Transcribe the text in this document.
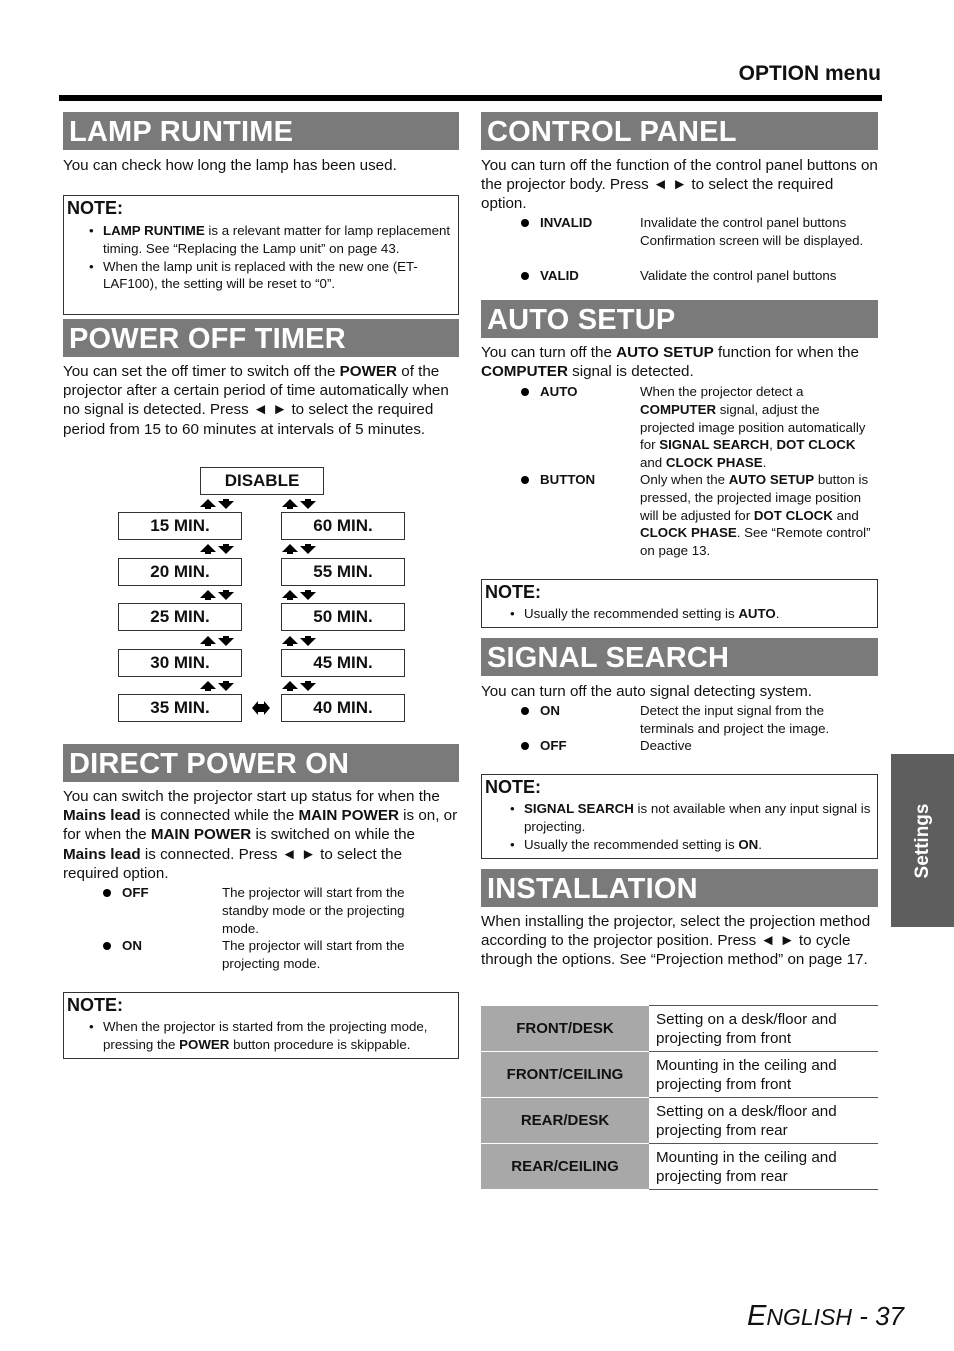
OPTION menu
LAMP RUNTIME
You can check how long the lamp has been used.
NOTE:
• LAMP RUNTIME is a relevant matter for lamp replacement timing. See “Replacing the Lamp unit” on page 43.
• When the lamp unit is replaced with the new one (ET-LAF100), the setting will be reset to “0”.
POWER OFF TIMER
You can set the off timer to switch off the POWER of the projector after a certain period of time automatically when no signal is detected. Press ◄ ► to select the required period from 15 to 60 minutes at intervals of 5 minutes.
DISABLE
DIRECT POWER ON
You can switch the projector start up status for when the Mains lead is connected while the MAIN POWER is on, or for when the MAIN POWER is switched on while the Mains lead is connected. Press ◄ ► to select the required option.
OFF	The projector will start from the standby mode or the projecting mode.
ON	The projector will start from the projecting mode.
NOTE:
• When the projector is started from the projecting mode, pressing the POWER button procedure is skippable.
CONTROL PANEL
You can turn off the function of the control panel buttons on the projector body. Press ◄ ► to select the required option.
INVALID	Invalidate the control panel buttons Confirmation screen will be displayed.
VALID	Validate the control panel buttons
AUTO SETUP
You can turn off the AUTO SETUP function for when the COMPUTER signal is detected.
AUTO	When the projector detect a COMPUTER signal, adjust the projected image position automatically for SIGNAL SEARCH, DOT CLOCK and CLOCK PHASE.
BUTTON	Only when the AUTO SETUP button is pressed, the projected image position will be adjusted for DOT CLOCK and CLOCK PHASE. See “Remote control” on page 13.
NOTE:
• Usually the recommended setting is AUTO.
SIGNAL SEARCH
You can turn off the auto signal detecting system.
ON	Detect the input signal from the terminals and project the image.
OFF	Deactive
NOTE:
• SIGNAL SEARCH is not available when any input signal is projecting.
• Usually the recommended setting is ON.
INSTALLATION
When installing the projector, select the projection method according to the projector position. Press ◄ ► to cycle through the options. See “Projection method” on page 17.
FRONT/DESK	Setting on a desk/floor and projecting from front
FRONT/CEILING	Mounting in the ceiling and projecting from front
REAR/DESK	Setting on a desk/floor and projecting from rear
REAR/CEILING	Mounting in the ceiling and projecting from rear
Settings
ENGLISH - 37
15 MIN.
20 MIN.
25 MIN.
30 MIN.
35 MIN.
60 MIN.
55 MIN.
50 MIN.
45 MIN.
40 MIN.
